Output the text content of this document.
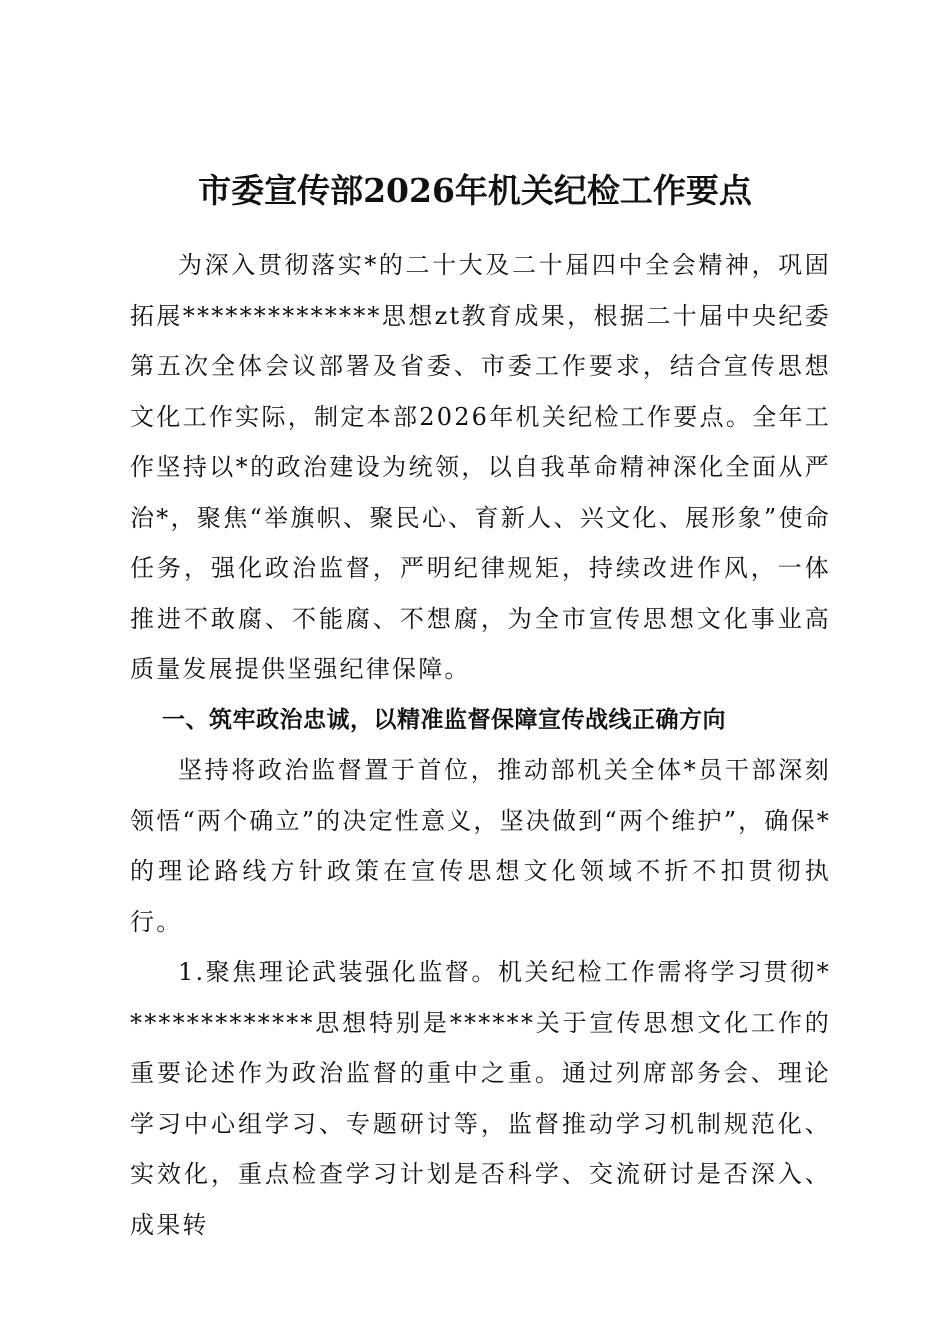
市委宣传部2026年机关纪检工作要点

为深入贯彻落实*的二十大及二十届四中全会精神，巩固拓展**************思想zt教育成果，根据二十届中央纪委第五次全体会议部署及省委、市委工作要求，结合宣传思想文化工作实际，制定本部2026年机关纪检工作要点。全年工作坚持以*的政治建设为统领，以自我革命精神深化全面从严治*，聚焦“举旗帜、聚民心、育新人、兴文化、展形象”使命任务，强化政治监督，严明纪律规矩，持续改进作风，一体推进不敢腐、不能腐、不想腐，为全市宣传思想文化事业高质量发展提供坚强纪律保障。

一、筑牢政治忠诚，以精准监督保障宣传战线正确方向

坚持将政治监督置于首位，推动部机关全体*员干部深刻领悟“两个确立”的决定性意义，坚决做到“两个维护”，确保*的理论路线方针政策在宣传思想文化领域不折不扣贯彻执行。

1.聚焦理论武装强化监督。机关纪检工作需将学习贯彻**************思想特别是******关于宣传思想文化工作的重要论述作为政治监督的重中之重。通过列席部务会、理论学习中心组学习、专题研讨等，监督推动学习机制规范化、实效化，重点检查学习计划是否科学、交流研讨是否深入、成果转
